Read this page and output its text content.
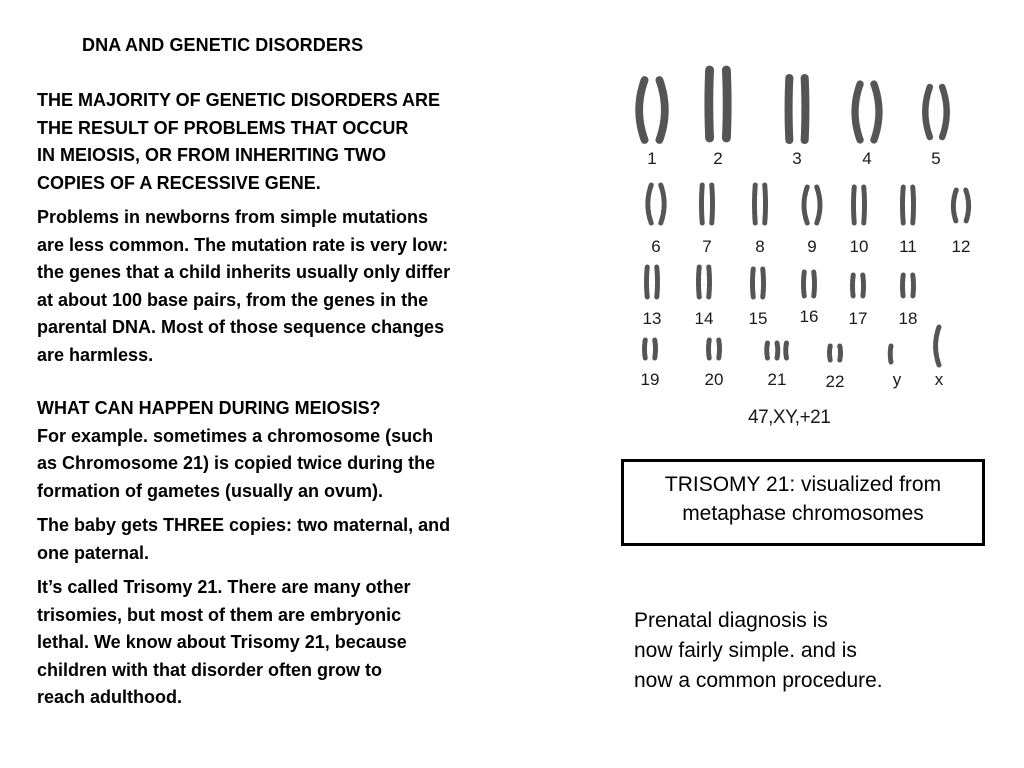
DNA AND GENETIC DISORDERS

THE MAJORITY OF GENETIC DISORDERS ARE
THE RESULT OF PROBLEMS THAT OCCUR
IN MEIOSIS, OR FROM INHERITING TWO
COPIES OF A RECESSIVE GENE.

Problems in newborns from simple mutations
are less common. The mutation rate is very low:
the genes that a child inherits usually only differ
at about 100 base pairs, from the genes in the
parental DNA. Most of those sequence changes
are harmless.

WHAT CAN HAPPEN DURING MEIOSIS?
For example. sometimes a chromosome (such
as Chromosome 21) is copied twice during the
formation of gametes (usually an ovum).

The baby gets THREE copies: two maternal, and
one paternal.

It’s called Trisomy 21. There are many other
trisomies, but most of them are embryonic
lethal. We know about Trisomy 21, because
children with that disorder often grow to
reach adulthood.

1	2	3	4	5
6 7	8	9 10 11 12
13 14 15 16 17 18
19	20	21 22	y x
47,XY,+21
TRISOMY 21: visualized from
metaphase chromosomes
Prenatal diagnosis is
now fairly simple. and is
now a common procedure.
